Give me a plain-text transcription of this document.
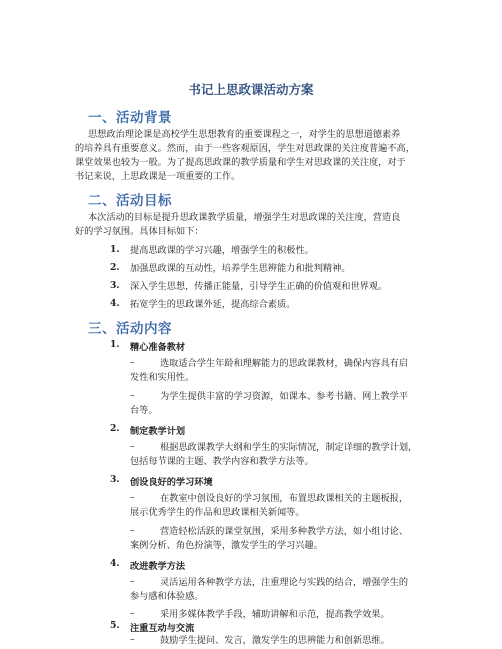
书记上思政课活动方案
一、活动背景
思想政治理论课是高校学生思想教育的重要课程之一，对学生的思想道德素养
的培养具有重要意义。然而，由于一些客观原因，学生对思政课的关注度普遍不高，
课堂效果也较为一般。为了提高思政课的教学质量和学生对思政课的关注度，对于
书记来说，上思政课是一项重要的工作。
二、活动目标
本次活动的目标是提升思政课教学质量，增强学生对思政课的关注度，营造良
好的学习氛围。具体目标如下：
1. 提高思政课的学习兴趣，增强学生的积极性。
2. 加强思政课的互动性，培养学生思辨能力和批判精神。
3. 深入学生思想，传播正能量，引导学生正确的价值观和世界观。
4. 拓宽学生的思政课外延，提高综合素质。
三、活动内容
1. 精心准备教材
–	选取适合学生年龄和理解能力的思政课教材，确保内容具有启
发性和实用性。
–	为学生提供丰富的学习资源，如课本、参考书籍、网上教学平
台等。
2. 制定教学计划
–	根据思政课教学大纲和学生的实际情况，制定详细的教学计划，
包括每节课的主题、教学内容和教学方法等。
3. 创设良好的学习环境
–	在教室中创设良好的学习氛围，布置思政课相关的主题板报，
展示优秀学生的作品和思政课相关新闻等。
–	营造轻松活跃的课堂氛围，采用多种教学方法，如小组讨论、
案例分析、角色扮演等，激发学生的学习兴趣。
4. 改进教学方法
–	灵活运用各种教学方法，注重理论与实践的结合，增强学生的
参与感和体验感。
–	采用多媒体教学手段，辅助讲解和示范，提高教学效果。
5. 注重互动与交流
–	鼓励学生提问、发言，激发学生的思辨能力和创新思维。
